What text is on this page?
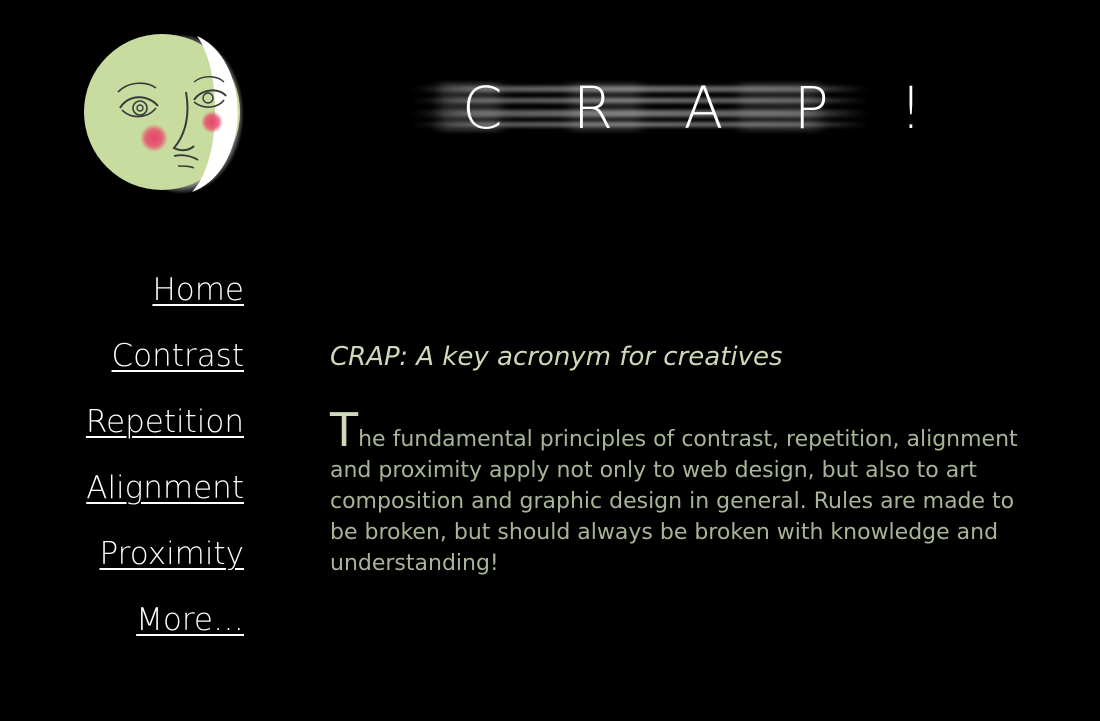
C R A P !
Home
Contrast
Repetition
Alignment
Proximity
More…
CRAP: A key acronym for creatives

The fundamental principles of contrast, repetition, alignment and proximity apply not only to web design, but also to art composition and graphic design in general. Rules are made to be broken, but should always be broken with knowledge and understanding!
